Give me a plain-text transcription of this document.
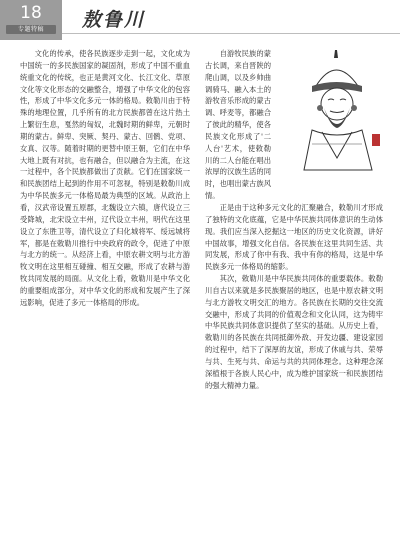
18
专题特稿	敖鲁川

文化的传承，使各民族逐步走到一起，文化成为中国统一的多民族国家的凝固剂，形成了中国不重血统重文化的传统，也正是黄河文化、长江文化、草原文化等文化形态的交融整合，增强了中华文化的包容性，形成了中华文化多元一体的格局。敕勒川由于特殊的地理位置，几乎所有的北方民族都曾在这片热土上繁衍生息，戛然的匈奴，北魏时期的鲜卑，元朝时期的蒙古。鲜卑、突厥、契丹、蒙古、回鹘、党项、女真、汉等。随着时期的更替中原王朝，它们在中华大地上既有对抗，也有融合，但以融合为主流，在这一过程中，各个民族都做出了贡献。它们在国家统一和民族团结上起到的作用不可忽视，特别是敕勒川成为中华民族多元一体格局最为典型的区域。从政治上看，汉武帝设置五原郡，北魏设立六镇，唐代设立三受降城，北宋设立丰州，辽代设立丰州，明代在这里设立了东胜卫等，清代设立了归化城将军、绥远城将军，都是在敕勒川推行中央政府的政令，促进了中原与北方的统一。从经济上看，中原农耕文明与北方游牧文明在这里相互碰撞、相互交融，形成了农耕与游牧共同发展的局面。从文化上看，敕勒川是中华文化的重要组成部分，对中华文化的形成和发展产生了深远影响，促进了多元一体格局的形成。

自游牧民族的蒙古长调，来自晋陕的爬山调，以及乡帅曲调骑马、融入本土的游牧音乐形成的蒙古调、呼麦等，都融合了彼此的精华，使各民族文化形成了'二人台'艺术，使敕勒川的二人台能在唱出浓厚的汉族生活的同时，也唱出蒙古族风情。

正是由于这种多元文化的汇聚融合，敕勒川才形成了独特的文化底蕴，它是中华民族共同体意识的生动体现。我们应当深入挖掘这一地区的历史文化资源，讲好中国故事，增强文化自信。各民族在这里共同生活、共同发展，形成了你中有我、我中有你的格局，这是中华民族多元一体格局的缩影。

其次，敕勒川是中华民族共同体的重要载体。敕勒川自古以来就是多民族聚居的地区，也是中原农耕文明与北方游牧文明交汇的地方。各民族在长期的交往交流交融中，形成了共同的价值观念和文化认同，这为铸牢中华民族共同体意识提供了坚实的基础。从历史上看，敕勒川的各民族在共同抵御外敌、开发边疆、建设家园的过程中，结下了深厚的友谊，形成了休戚与共、荣辱与共、生死与共、命运与共的共同体理念。这种理念深深植根于各族人民心中，成为维护国家统一和民族团结的强大精神力量。
